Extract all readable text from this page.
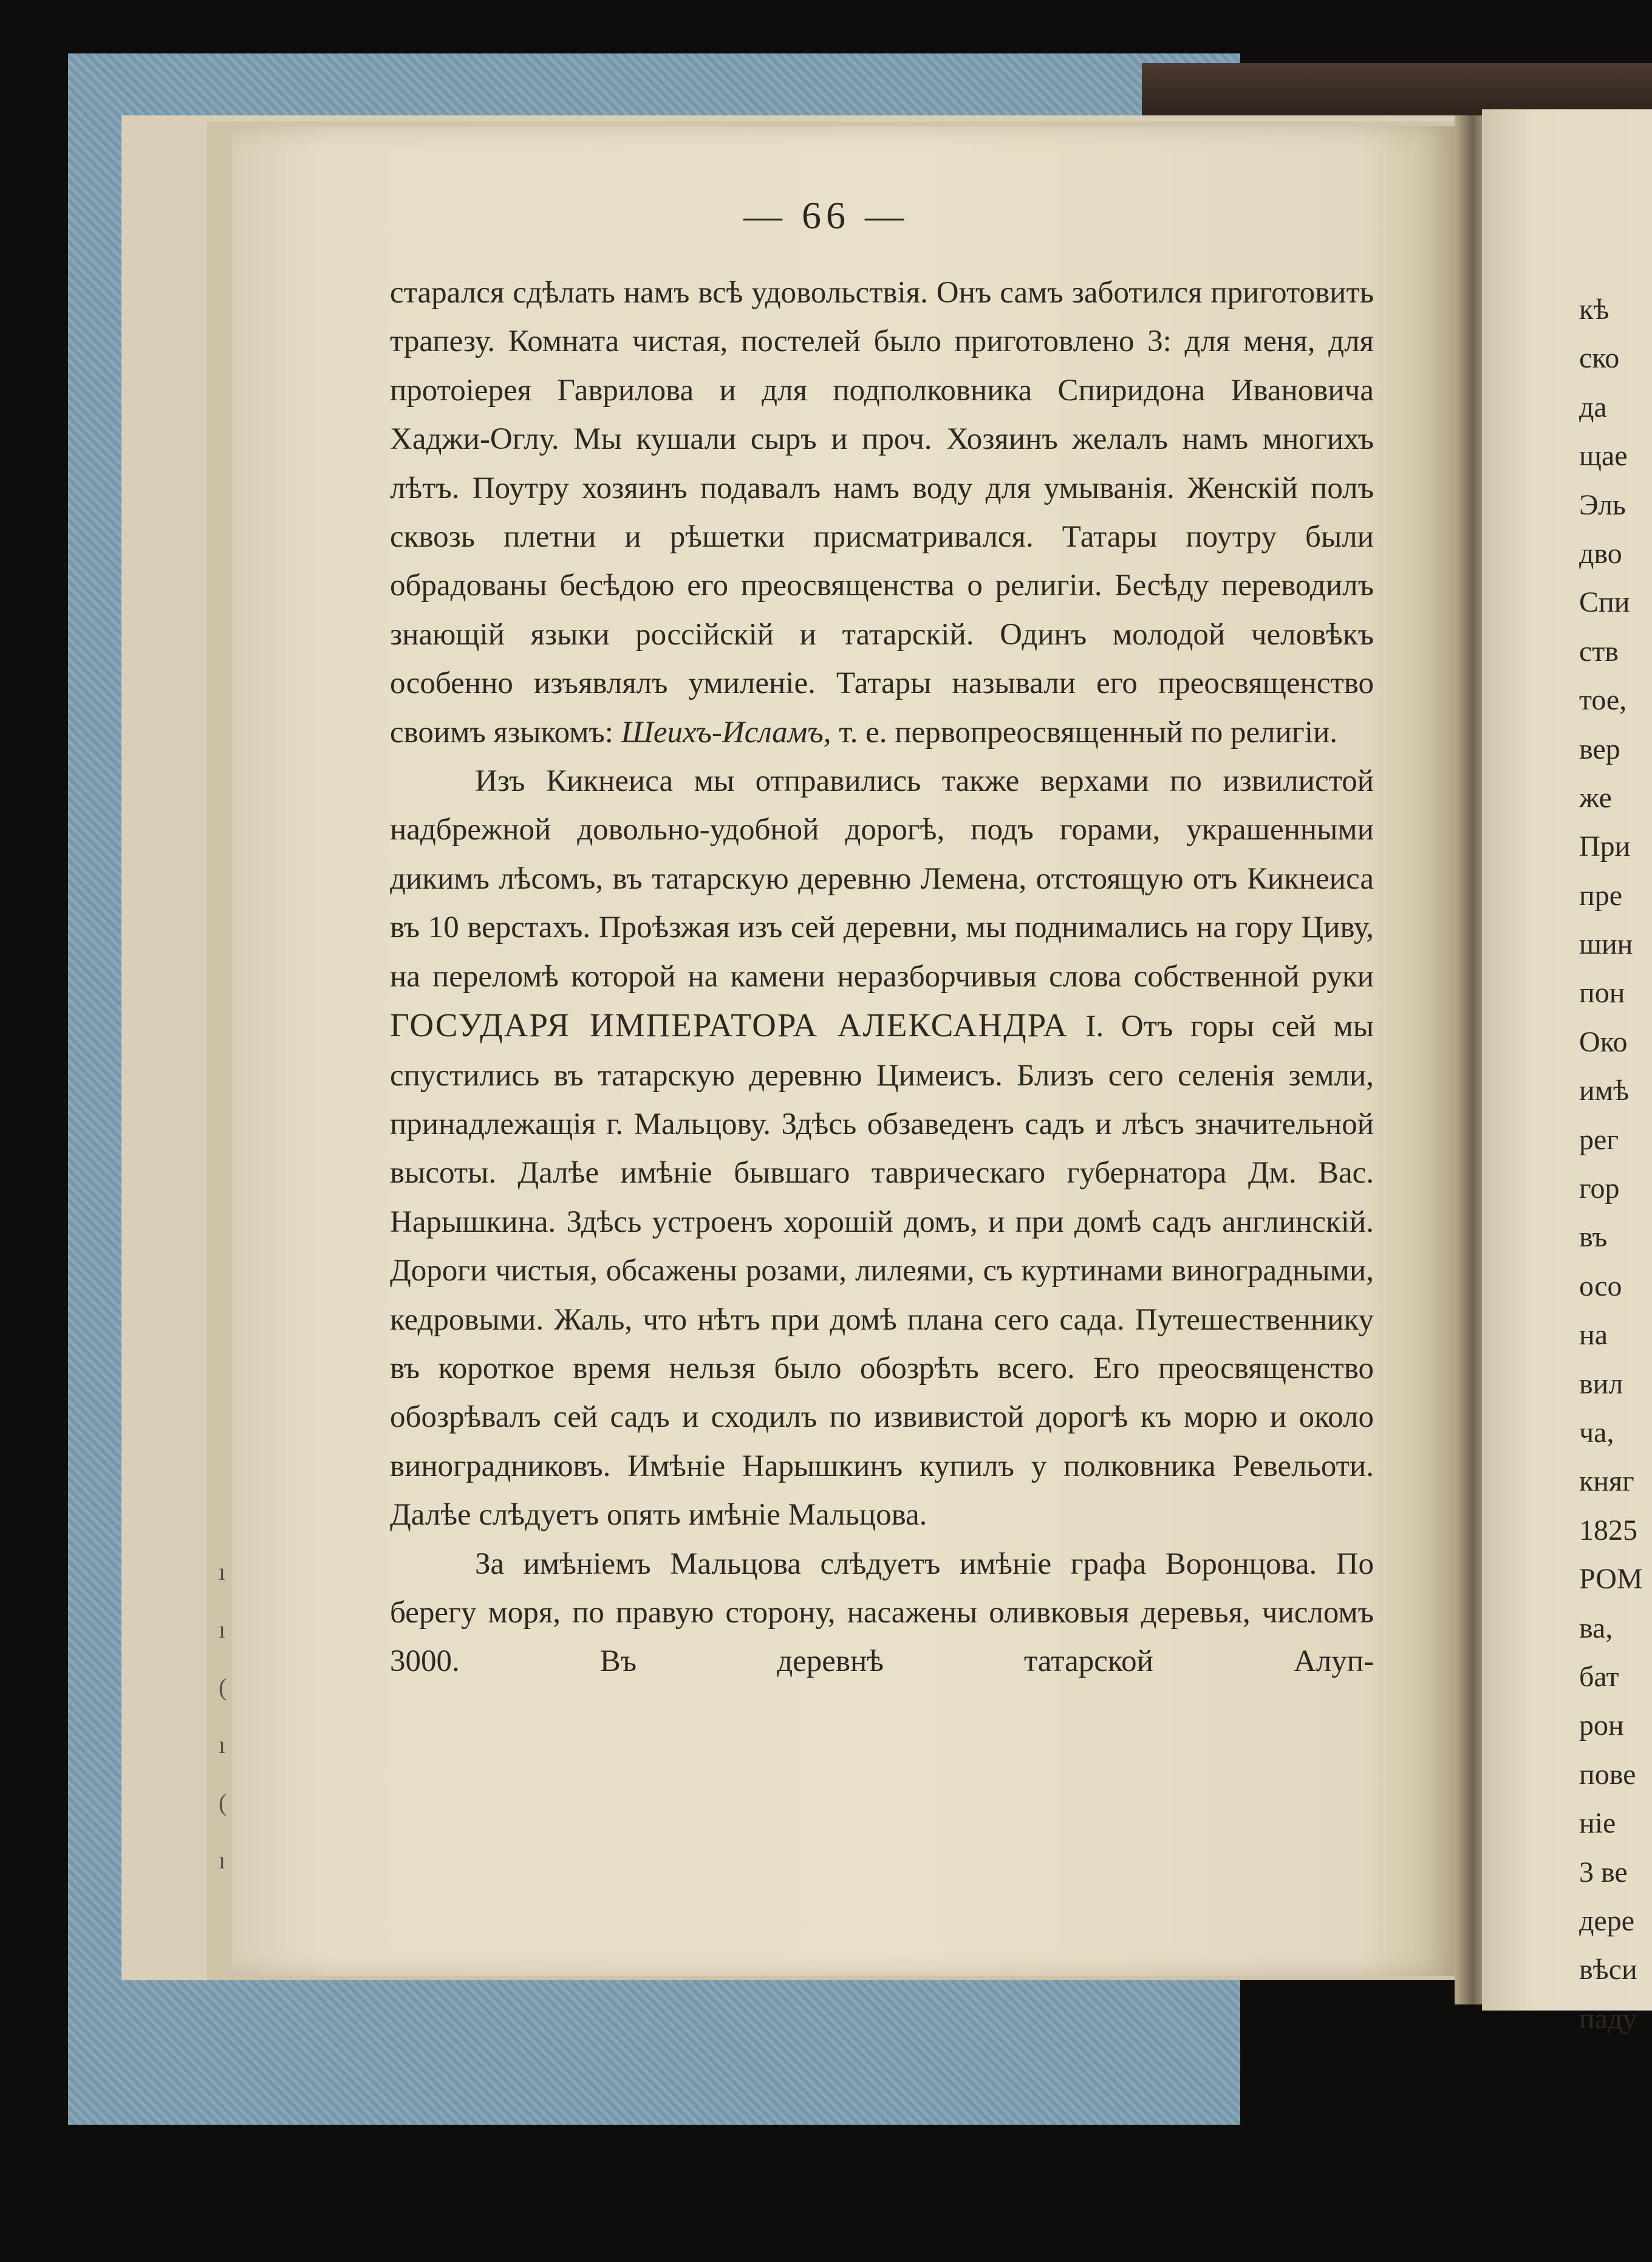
— 66 —

старался сдѣлать намъ всѣ удовольствія. Онъ самъ заботился приготовить трапезу. Комната чистая, постелей было приготовлено 3: для меня, для протоіерея Гаврилова и для подполковника Спиридона Ивановича Хаджи-Оглу. Мы кушали сыръ и проч. Хозяинъ желалъ намъ многихъ лѣтъ. Поутру хозяинъ подавалъ намъ воду для умыванія. Женскій полъ сквозь плетни и рѣшетки присматривался. Татары поутру были обрадованы бесѣдою его преосвященства о религіи. Бесѣду переводилъ знающій языки россійскій и татарскій. Одинъ молодой человѣкъ особенно изъявлялъ умиленіе. Татары называли его преосвященство своимъ языкомъ: Шеихъ-Исламъ, т. е. первопреосвященный по религіи.

Изъ Кикнеиса мы отправились также верхами по извилистой надбрежной довольно-удобной дорогѣ, подъ горами, украшенными дикимъ лѣсомъ, въ татарскую деревню Лемена, отстоящую отъ Кикнеиса въ 10 верстахъ. Проѣзжая изъ сей деревни, мы поднимались на гору Циву, на переломѣ которой на камени неразборчивыя слова собственной руки ГОСУДАРЯ ИМПЕРАТОРА АЛЕКСАНДРА I. Отъ горы сей мы спустились въ татарскую деревню Цимеисъ. Близъ сего селенія земли, принадлежащія г. Мальцову. Здѣсь обзаведенъ садъ и лѣсъ значительной высоты. Далѣе имѣніе бывшаго таврическаго губернатора Дм. Вас. Нарышкина. Здѣсь устроенъ хорошій домъ, и при домѣ садъ англинскій. Дороги чистыя, обсажены розами, лилеями, съ куртинами виноградными, кедровыми. Жаль, что нѣтъ при домѣ плана сего сада. Путешественнику въ короткое время нельзя было обозрѣть всего. Его преосвященство обозрѣвалъ сей садъ и сходилъ по извивистой дорогѣ къ морю и около виноградниковъ. Имѣніе Нарышкинъ купилъ у полковника Ревельоти. Далѣе слѣдуетъ опять имѣніе Мальцова.

За имѣніемъ Мальцова слѣдуетъ имѣніе графа Воронцова. По берегу моря, по правую сторону, насажены оливковыя деревья, числомъ 3000. Въ деревнѣ татарской Алуп-

кѣ
ско
да
щае
Эль
дво
Спи
ств
тое,
вер
же
При
пре
шин
пон
Око
имѣ
рег
гор
въ
осо
на
вил
ча,
княг
1825
РОМ
ва,
бат
рон
пове
ніе
3 ве
дере
вѣси
паду
ı
ı
(
ı
(
ı
